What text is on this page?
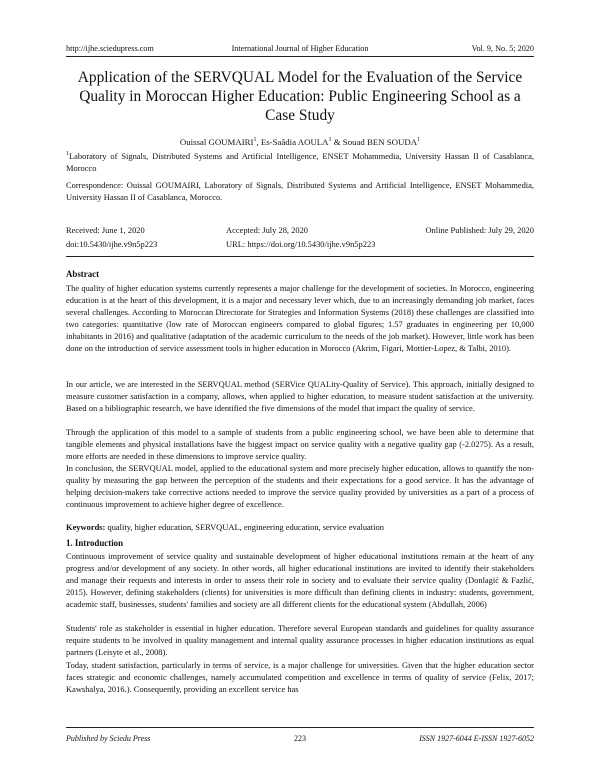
http://ijhe.sciedupress.com	International Journal of Higher Education	Vol. 9, No. 5; 2020
Application of the SERVQUAL Model for the Evaluation of the Service Quality in Moroccan Higher Education: Public Engineering School as a Case Study
Ouissal GOUMAIRI$^1$, Es-Saâdia AOULA$^1$ & Souad BEN SOUDA$^1$
$^1$Laboratory of Signals, Distributed Systems and Artificial Intelligence, ENSET Mohammedia, University Hassan II of Casablanca, Morocco
Correspondence: Ouissal GOUMAIRI, Laboratory of Signals, Distributed Systems and Artificial Intelligence, ENSET Mohammedia, University Hassan II of Casablanca, Morocco.
Received: June 1, 2020	Accepted: July 28, 2020	Online Published: July 29, 2020
doi:10.5430/ijhe.v9n5p223	URL: https://doi.org/10.5430/ijhe.v9n5p223
Abstract
The quality of higher education systems currently represents a major challenge for the development of societies. In Morocco, engineering education is at the heart of this development, it is a major and necessary lever which, due to an increasingly demanding job market, faces several challenges. According to Moroccan Directorate for Strategies and Information Systems (2018) these challenges are classified into two categories: quantitative (low rate of Moroccan engineers compared to global figures; 1.57 graduates in engineering per 10,000 inhabitants in 2016) and qualitative (adaptation of the academic curriculum to the needs of the job market). However, little work has been done on the introduction of service assessment tools in higher education in Morocco (Akrim, Figari, Mottier-Lopez, & Talbi, 2010).
In our article, we are interested in the SERVQUAL method (SERVice QUALity-Quality of Service). This approach, initially designed to measure customer satisfaction in a company, allows, when applied to higher education, to measure student satisfaction at the university. Based on a bibliographic research, we have identified the five dimensions of the model that impact the quality of service.
Through the application of this model to a sample of students from a public engineering school, we have been able to determine that tangible elements and physical installations have the biggest impact on service quality with a negative quality gap (-2.0275). As a result, more efforts are needed in these dimensions to improve service quality.
In conclusion, the SERVQUAL model, applied to the educational system and more precisely higher education, allows to quantify the non-quality by measuring the gap between the perception of the students and their expectations for a good service. It has the advantage of helping decision-makers take corrective actions needed to improve the service quality provided by universities as a part of a process of continuous improvement to achieve higher degree of excellence.
Keywords: quality, higher education, SERVQUAL, engineering education, service evaluation
1. Introduction
Continuous improvement of service quality and sustainable development of higher educational institutions remain at the heart of any progress and/or development of any society. In other words, all higher educational institutions are invited to identify their stakeholders and manage their requests and interests in order to assess their role in society and to evaluate their service quality (Donlagić & Fazlić, 2015). However, defining stakeholders (clients) for universities is more difficult than defining clients in industry: students, government, academic staff, businesses, students' families and society are all different clients for the educational system (Abdullah, 2006)
Students' role as stakeholder is essential in higher education. Therefore several European standards and guidelines for quality assurance require students to be involved in quality management and internal quality assurance processes in higher education institutions as equal partners (Leisyte et al., 2008).
Today, student satisfaction, particularly in terms of service, is a major challenge for universities. Given that the higher education sector faces strategic and economic challenges, namely accumulated competition and excellence in terms of quality of service (Felix, 2017; Kawshalya, 2016.). Consequently, providing an excellent service has
Published by Sciedu Press	223	ISSN 1927-6044 E-ISSN 1927-6052
